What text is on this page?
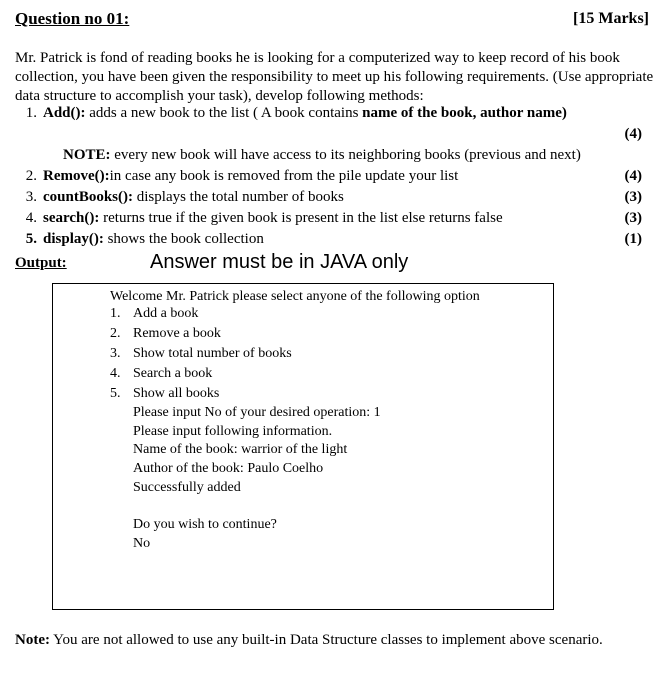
Question no 01:	[15 Marks]
Mr. Patrick is fond of reading books he is looking for a computerized way to keep record of his book collection, you have been given the responsibility to meet up his following requirements. (Use appropriate data structure to accomplish your task), develop following methods:
1. Add(): adds a new book to the list ( A book contains name of the book, author name)
(4)
NOTE: every new book will have access to its neighboring books (previous and next)
2. Remove():in case any book is removed from the pile update your list	(4)
3. countBooks(): displays the total number of books	(3)
4. search(): returns true if the given book is present in the list else returns false	(3)
5. display(): shows the book collection	(1)
Output:	Answer must be in JAVA only
Welcome Mr. Patrick please select anyone of the following option
1. Add a book
2. Remove a book
3. Show total number of books
4. Search a book
5. Show all books
Please input No of your desired operation: 1
Please input following information.
Name of the book: warrior of the light
Author of the book: Paulo Coelho
Successfully added
Do you wish to continue?
No
Note: You are not allowed to use any built-in Data Structure classes to implement above scenario.
